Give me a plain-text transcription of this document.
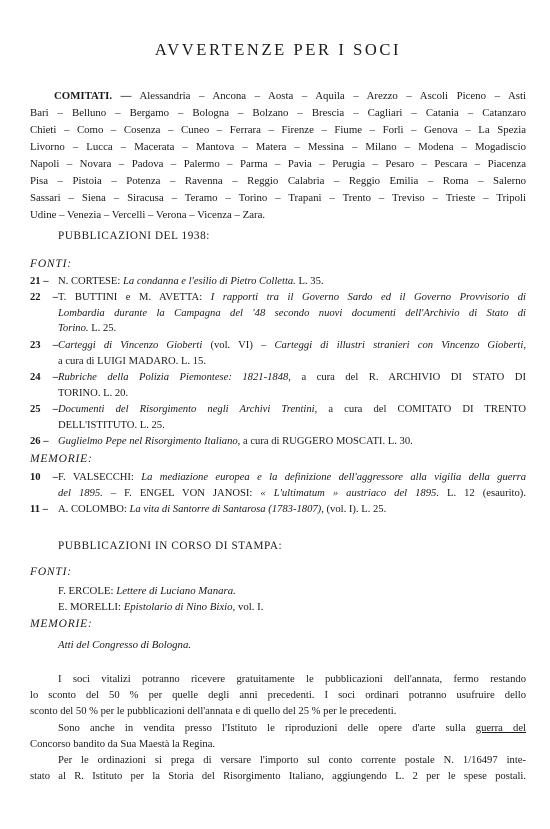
AVVERTENZE PER I SOCI
COMITATI. — Alessandria – Ancona – Aosta – Aquila – Arezzo – Ascoli Piceno – Asti
Bari – Belluno – Bergamo – Bologna – Bolzano – Brescia – Cagliari – Catania – Catanzaro
Chieti – Como – Cosenza – Cuneo – Ferrara – Firenze – Fiume – Forlì – Genova – La Spezia
Livorno – Lucca – Macerata – Mantova – Matera – Messina – Milano – Modena – Mogadiscio
Napoli – Novara – Padova – Palermo – Parma – Pavia – Perugia – Pesaro – Pescara – Piacenza
Pisa – Pistoia – Potenza – Ravenna – Reggio Calabria – Reggio Emilia – Roma – Salerno
Sassari – Siena – Siracusa – Teramo – Torino – Trapani – Trento – Treviso – Trieste – Tripoli
Udine – Venezia – Vercelli – Verona – Vicenza – Zara.
PUBBLICAZIONI DEL 1938:
FONTI:
21 – N. CORTESE: La condanna e l'esilio di Pietro Colletta. L. 35.
22 –T. BUTTINI e M. AVETTA: I rapporti tra il Governo Sardo ed il Governo Provvisorio di
Lombardia durante la Campagna del '48 secondo nuovi documenti dell'Archivio di Stato di
Torino. L. 25.
23 –Carteggi di Vincenzo Gioberti (vol. VI) – Carteggi di illustri stranieri con Vincenzo Gioberti,
a cura di LUIGI MADARO. L. 15.
24 –Rubriche della Polizia Piemontese: 1821-1848, a cura del R. ARCHIVIO DI STATO DI
TORINO. L. 20.
25 –Documenti del Risorgimento negli Archivi Trentini, a cura del COMITATO DI TRENTO
DELL'ISTITUTO. L. 25.
26 – Guglielmo Pepe nel Risorgimento Italiano, a cura di RUGGERO MOSCATI. L. 30.
MEMORIE:
10 –F. VALSECCHI: La mediazione europea e la definizione dell'aggressore alla vigilia della guerra
del 1895. – F. ENGEL VON JANOSI: « L'ultimatum » austriaco del 1895. L. 12 (esaurito).
11 – A. COLOMBO: La vita di Santorre di Santarosa (1783-1807), (vol. I). L. 25.
PUBBLICAZIONI IN CORSO DI STAMPA:
FONTI:
F. ERCOLE: Lettere di Luciano Manara.
E. MORELLI: Epistolario di Nino Bixio, vol. I.
MEMORIE:
Atti del Congresso di Bologna.
I soci vitalizi potranno ricevere gratuitamente le pubblicazioni dell'annata, fermo restando
lo sconto del 50 % per quelle degli anni precedenti. I soci ordinari potranno usufruire dello
sconto del 50 % per le pubblicazioni dell'annata e di quello del 25 % per le precedenti.
Sono anche in vendita presso l'Istituto le riproduzioni delle opere d'arte sulla guerra del
Concorso bandito da Sua Maestà la Regina.
Per le ordinazioni si prega di versare l'importo sul conto corrente postale N. 1/16497 inte-
stato al R. Istituto per la Storia del Risorgimento Italiano, aggiungendo L. 2 per le spese postali.
